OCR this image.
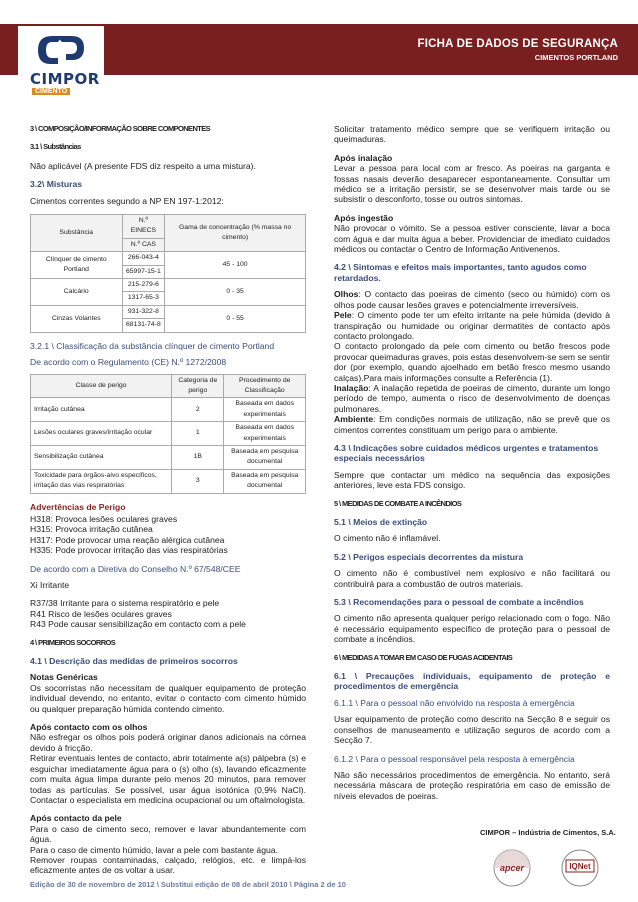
FICHA DE DADOS DE SEGURANÇA
CIMENTOS PORTLAND
CIMPOR
CIMENTO
3 \ COMPOSIÇÃO/INFORMAÇÃO SOBRE COMPONENTES
3.1 \ Substâncias

Não aplicável (A presente FDS diz respeito a uma mistura).

3.2\ Misturas

Cimentos correntes segundo a NP EN 197-1:2012:

Substância	N.º EINECS	Gama de concentração (% massa no cimento)
	N.º CAS	
Clínquer de cimento Portland	266-043-4	45 - 100
	65997-15-1	
Calcário	215-279-6	0 - 35
	1317-65-3	
Cinzas Volantes	931-322-8	0 - 55
	68131-74-8	
3.2.1 \ Classificação da substância clínquer de cimento Portland
De acordo com o Regulamento (CE) N.º 1272/2008
Classe de perigo	Categoria de perigo	Procedimento de Classificação
Irritação cutânea	2	Baseada em dados experimentais
Lesões oculares graves/irritação ocular	1	Baseada em dados experimentais
Sensibilização cutânea	1B	Baseada em pesquisa documental
Toxicidade para órgãos-alvo específicos, irritação das vias respiratórias	3	Baseada em pesquisa documental
Advertências de Perigo
H318: Provoca lesões oculares graves
H315: Provoca irritação cutânea
H317: Pode provocar uma reação alérgica cutânea

H335: Pode provocar irritação das vias respiratórias

De acordo com a Diretiva do Conselho N.º 67/548/CEE

Xi Irritante

R37/38 Irritante para o sistema respiratório e pele
R41 Risco de lesões oculares graves

R43 Pode causar sensibilização em contacto com a pele

4 \ PRIMEIROS SOCORROS
4.1 \ Descrição das medidas de primeiros socorros
Notas Genéricas

Os socorristas não necessitam de qualquer equipamento de proteção individual devendo, no entanto, evitar o contacto com cimento húmido ou qualquer preparação húmida contendo cimento.

Após contacto com os olhos
Não esfregar os olhos pois poderá originar danos adicionais na córnea devido à fricção.

Retirar eventuais lentes de contacto, abrir totalmente a(s) pálpebra (s) e esguichar imediatamente água para o (s) olho (s), lavando eficazmente com muita água limpa durante pelo menos 20 minutos, para remover todas as partículas. Se possível, usar água isotónica (0,9% NaCl). Contactar o especialista em medicina ocupacional ou um oftalmologista.

Após contacto da pele
Para o caso de cimento seco, remover e lavar abundantemente com água.
Para o caso de cimento húmido, lavar a pele com bastante água.
Remover roupas contaminadas, calçado, relógios, etc. e limpá-los eficazmente antes de os voltar a usar.

Solicitar tratamento médico sempre que se verifiquem irritação ou queimaduras.

Após inalação

Levar a pessoa para local com ar fresco. As poeiras na garganta e fossas nasais deverão desaparecer espontaneamente. Consultar um médico se a irritação persistir, se se desenvolver mais tarde ou se subsistir o desconforto, tosse ou outros sintomas.

Após ingestão

Não provocar o vómito. Se a pessoa estiver consciente, lavar a boca com água e dar muita água a beber. Providenciar de imediato cuidados médicos ou contactar o Centro de Informação Antivenenos.

4.2 \ Sintomas e efeitos mais importantes, tanto agudos como retardados.

Olhos: O contacto das poeiras de cimento (seco ou húmido) com os olhos pode causar lesões graves e potencialmente irreversíveis.
Pele: O cimento pode ter um efeito irritante na pele húmida (devido à transpiração ou humidade ou originar dermatites de contacto após contacto prolongado.
O contacto prolongado da pele com cimento ou betão frescos pode provocar queimaduras graves, pois estas desenvolvem-se sem se sentir dor (por exemplo, quando ajoelhado em betão fresco mesmo usando calças).Para mais informações consulte a Referência (1).
Inalação: A inalação repetida de poeiras de cimento, durante um longo período de tempo, aumenta o risco de desenvolvimento de doenças pulmonares.

Ambiente: Em condições normais de utilização, não se prevê que os cimentos correntes constituam um perigo para o ambiente.

4.3 \ Indicações sobre cuidados médicos urgentes e tratamentos especiais necessários

Sempre que contactar um médico na sequência das exposições anteriores, leve esta FDS consigo.

5 \ MEDIDAS DE COMBATE A INCÊNDIOS
5.1 \ Meios de extinção

O cimento não é inflamável.

5.2 \ Perigos especiais decorrentes da mistura

O cimento não é combustível nem explosivo e não facilitará ou contribuirá para a combustão de outros materiais.

5.3 \ Recomendações para o pessoal de combate a incêndios

O cimento não apresenta qualquer perigo relacionado com o fogo. Não é necessário equipamento específico de proteção para o pessoal de combate a incêndios.

6 \ MEDIDAS A TOMAR EM CASO DE FUGAS ACIDENTAIS
6.1 \ Precauções individuais, equipamento de proteção e procedimentos de emergência
6.1.1 \ Para o pessoal não envolvido na resposta à emergência

Usar equipamento de proteção como descrito na Secção 8 e seguir os conselhos de manuseamento e utilização seguros de acordo com a Secção 7.

6.1.2 \ Para o pessoal responsável pela resposta à emergência

Não são necessários procedimentos de emergência. No entanto, será necessária máscara de proteção respiratória em caso de emissão de níveis elevados de poeiras.

CIMPOR – Indústria de Cimentos, S.A.
apcer	IQNet
Edição de 30 de novembro de 2012 \ Substitui edição de 08 de abril 2010 \ Página 2 de 10
